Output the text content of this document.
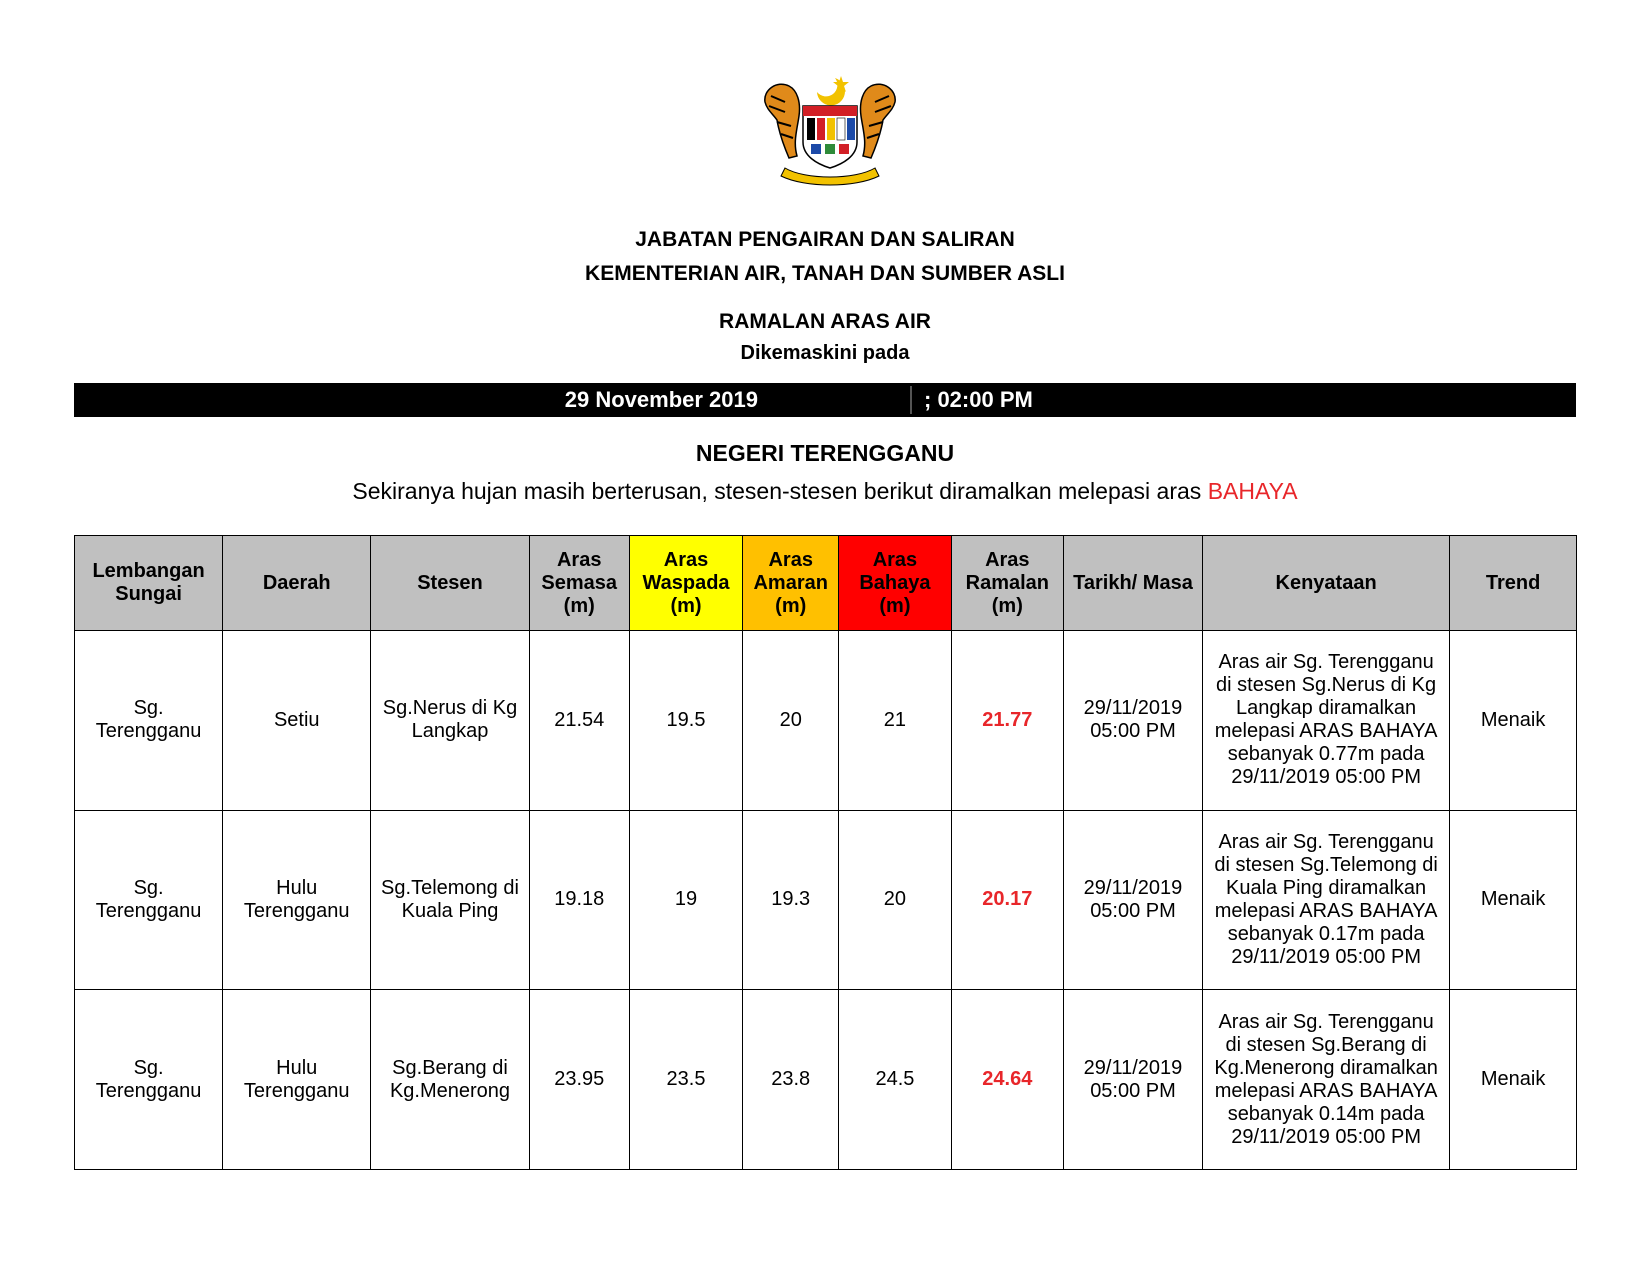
JABATAN PENGAIRAN DAN SALIRAN
KEMENTERIAN AIR, TANAH DAN SUMBER ASLI
RAMALAN ARAS AIR
Dikemaskini pada
29 November 2019	; 02:00 PM
NEGERI TERENGGANU
Sekiranya hujan masih berterusan, stesen-stesen berikut diramalkan melepasi aras BAHAYA
Lembangan Sungai	Daerah	Stesen	Aras Semasa (m)	Aras Waspada (m)	Aras Amaran (m)	Aras Bahaya (m)	Aras Ramalan (m)	Tarikh/ Masa	Kenyataan	Trend
Sg. Terengganu	Setiu	Sg.Nerus di Kg Langkap	21.54	19.5	20	21	21.77	29/11/2019 05:00 PM	Aras air Sg. Terengganu di stesen Sg.Nerus di Kg Langkap diramalkan melepasi ARAS BAHAYA sebanyak 0.77m pada 29/11/2019 05:00 PM	Menaik
Sg. Terengganu	Hulu Terengganu	Sg.Telemong di Kuala Ping	19.18	19	19.3	20	20.17	29/11/2019 05:00 PM	Aras air Sg. Terengganu di stesen Sg.Telemong di Kuala Ping diramalkan melepasi ARAS BAHAYA sebanyak 0.17m pada 29/11/2019 05:00 PM	Menaik
Sg. Terengganu	Hulu Terengganu	Sg.Berang di Kg.Menerong	23.95	23.5	23.8	24.5	24.64	29/11/2019 05:00 PM	Aras air Sg. Terengganu di stesen Sg.Berang di Kg.Menerong diramalkan melepasi ARAS BAHAYA sebanyak 0.14m pada 29/11/2019 05:00 PM	Menaik
